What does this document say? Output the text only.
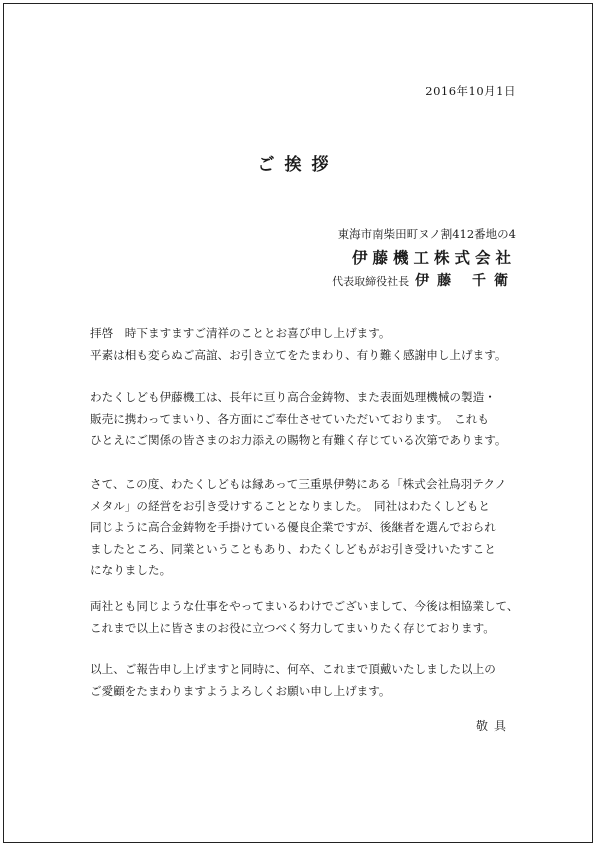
2016年10月1日
ご挨拶
東海市南柴田町ヌノ割412番地の4
伊藤機工株式会社
代表取締役社長 伊藤 千衛
拝啓　時下ますますご清祥のこととお喜び申し上げます。
平素は相も変らぬご高誼、お引き立てをたまわり、有り難く感謝申し上げます。
わたくしども伊藤機工は、長年に亘り高合金鋳物、また表面処理機械の製造・
販売に携わってまいり、各方面にご奉仕させていただいております。　これも
ひとえにご関係の皆さまのお力添えの賜物と有難く存じている次第であります。
さて、この度、わたくしどもは縁あって三重県伊勢にある「株式会社鳥羽テクノ
メタル」の経営をお引き受けすることとなりました。　同社はわたくしどもと
同じように高合金鋳物を手掛けている優良企業ですが、後継者を選んでおられ
ましたところ、同業ということもあり、わたくしどもがお引き受けいたすこと
になりました。
両社とも同じような仕事をやってまいるわけでございまして、今後は相協業して、
これまで以上に皆さまのお役に立つべく努力してまいりたく存じております。
以上、ご報告申し上げますと同時に、何卒、これまで頂戴いたしました以上の
ご愛顧をたまわりますようよろしくお願い申し上げます。
敬具
